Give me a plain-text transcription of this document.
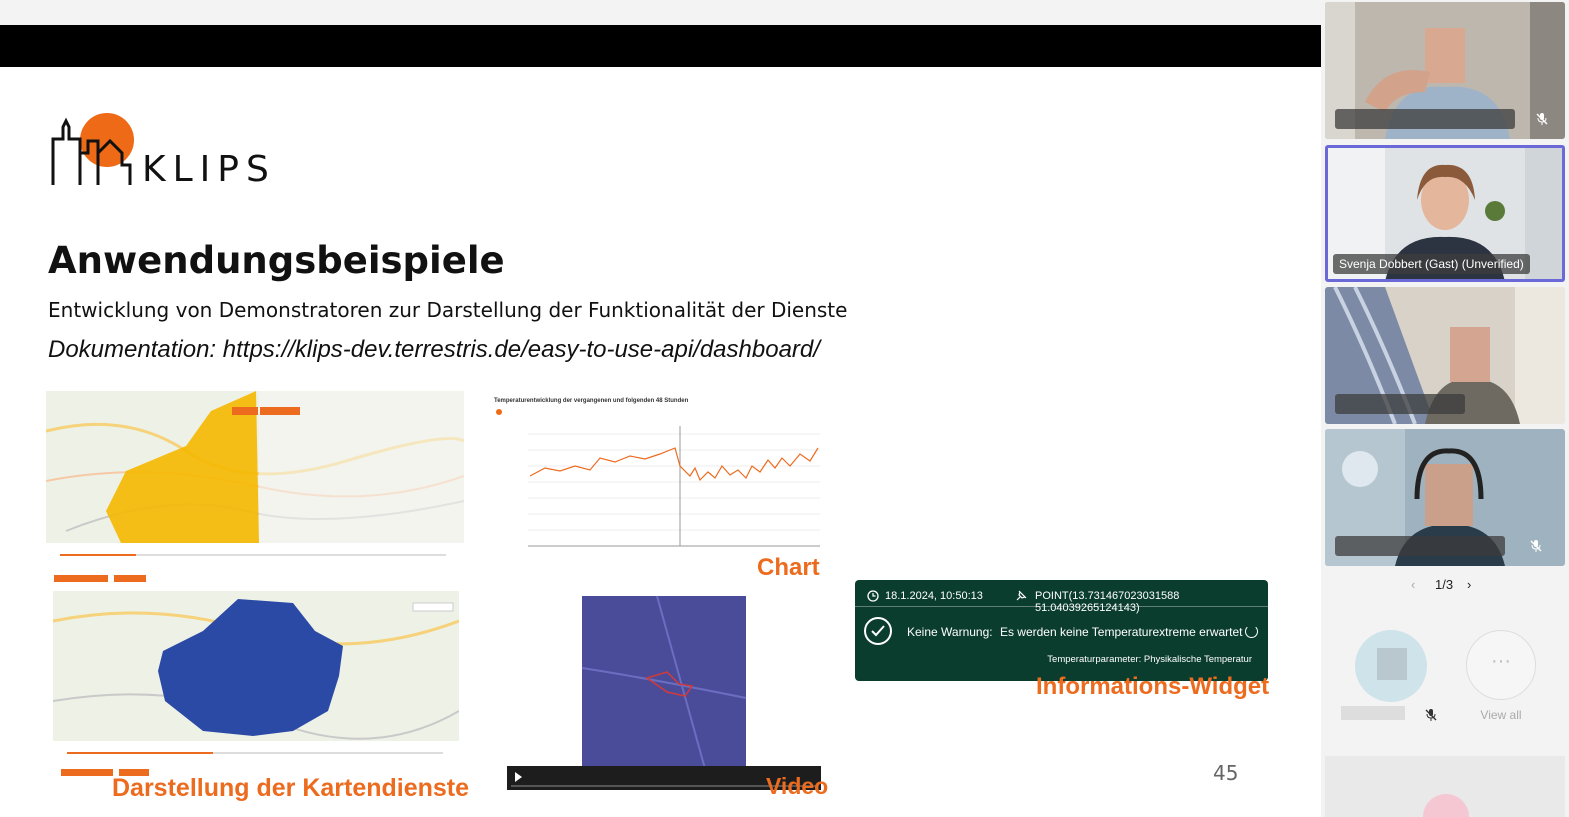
KLIPS
Anwendungsbeispiele
Entwicklung von Demonstratoren zur Darstellung der Funktionalität der Dienste
Dokumentation: https://klips-dev.terrestris.de/easy-to-use-api/dashboard/
Darstellung der Kartendienste
Temperaturentwicklung der vergangenen und folgenden 48 Stunden
Chart
Video
18.1.2024, 10:50:13	POINT(13.731467023031588 51.04039265124143)
Keine Warnung: Es werden keine Temperaturextreme erwartet
Temperaturparameter: Physikalische Temperatur
Informations-Widget
45
Svenja Dobbert (Gast) (Unverified)
‹ 1/3 ›
···
View all
